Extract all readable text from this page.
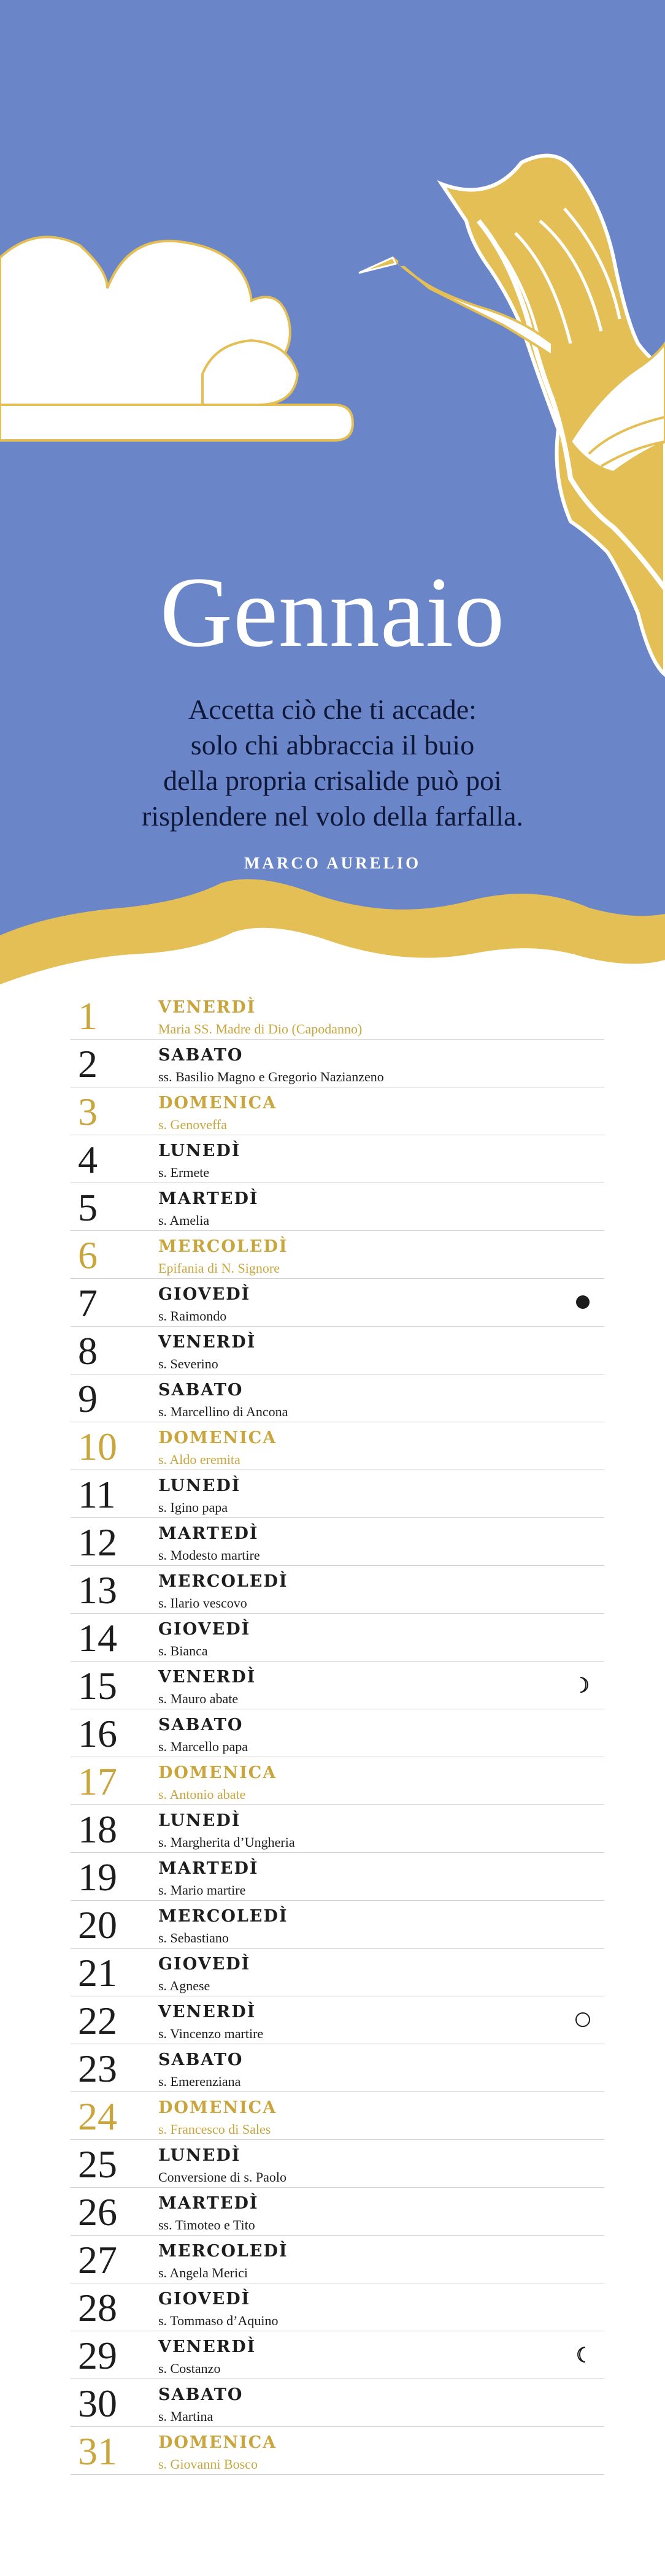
Gennaio
Accetta ciò che ti accade:
solo chi abbraccia il buio
della propria crisalide può poi
risplendere nel volo della farfalla.
MARCO AURELIO
1	VENERDÌ
Maria SS. Madre di Dio (Capodanno)
2	SABATO
ss. Basilio Magno e Gregorio Nazianzeno
3	DOMENICA
s. Genoveffa
4	LUNEDÌ
s. Ermete
5	MARTEDÌ
s. Amelia
6	MERCOLEDÌ
Epifania di N. Signore
7	GIOVEDÌ
s. Raimondo
8	VENERDÌ
s. Severino
9	SABATO
s. Marcellino di Ancona
10	DOMENICA
s. Aldo eremita
11	LUNEDÌ
s. Igino papa
12	MARTEDÌ
s. Modesto martire
13	MERCOLEDÌ
s. Ilario vescovo
14	GIOVEDÌ
s. Bianca
15	VENERDÌ
s. Mauro abate
16	SABATO
s. Marcello papa
17	DOMENICA
s. Antonio abate
18	LUNEDÌ
s. Margherita d’Ungheria
19	MARTEDÌ
s. Mario martire
20	MERCOLEDÌ
s. Sebastiano
21	GIOVEDÌ
s. Agnese
22	VENERDÌ
s. Vincenzo martire
23	SABATO
s. Emerenziana
24	DOMENICA
s. Francesco di Sales
25	LUNEDÌ
Conversione di s. Paolo
26	MARTEDÌ
ss. Timoteo e Tito
27	MERCOLEDÌ
s. Angela Merici
28	GIOVEDÌ
s. Tommaso d’Aquino
29	VENERDÌ
s. Costanzo
30	SABATO
s. Martina
31	DOMENICA
s. Giovanni Bosco
